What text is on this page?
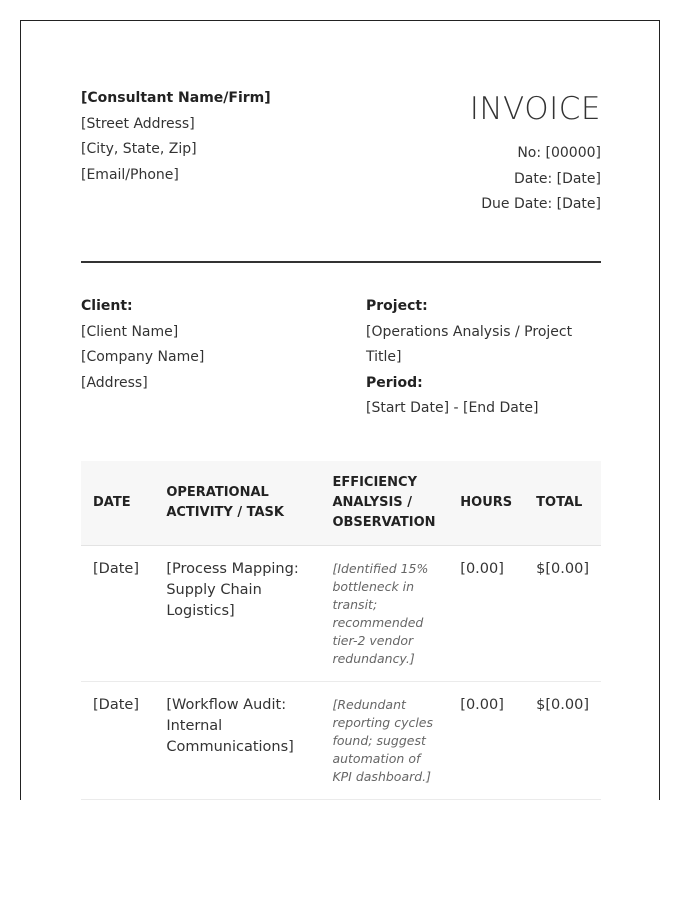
[Consultant Name/Firm]
[Street Address]
[City, State, Zip]
[Email/Phone]
INVOICE
No: [00000]
Date: [Date]
Due Date: [Date]
Client:
[Client Name]
[Company Name]
[Address]
Project:
[Operations Analysis / Project Title]
Period:
[Start Date] - [End Date]
DATE	OPERATIONAL ACTIVITY / TASK	EFFICIENCY ANALYSIS / OBSERVATION	HOURS	TOTAL
[Date]	[Process Mapping: Supply Chain Logistics]	[Identified 15% bottleneck in transit; recommended tier-2 vendor redundancy.]	[0.00]	$[0.00]
[Date]	[Workflow Audit: Internal Communications]	[Redundant reporting cycles found; suggest automation of KPI dashboard.]	[0.00]	$[0.00]
